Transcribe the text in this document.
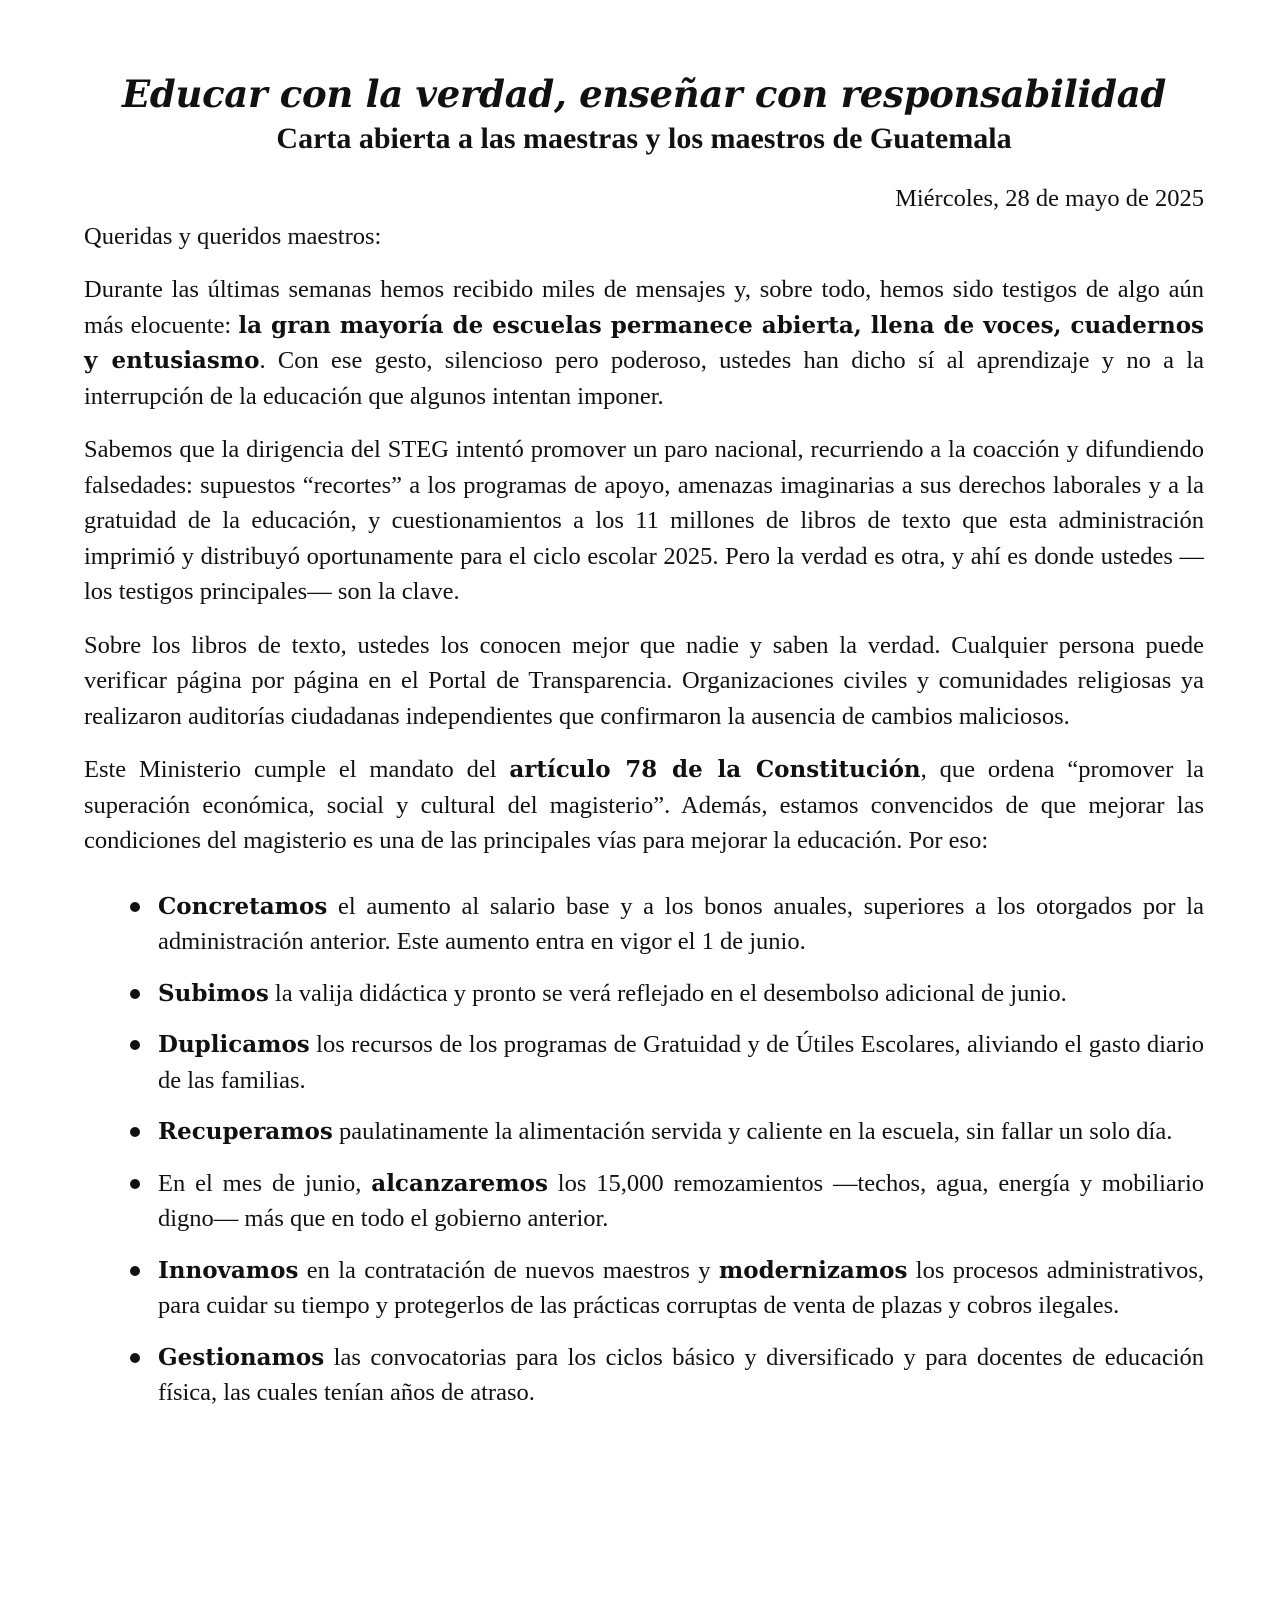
Educar con la verdad, enseñar con responsabilidad
Carta abierta a las maestras y los maestros de Guatemala
Miércoles, 28 de mayo de 2025
Queridas y queridos maestros:

Durante las últimas semanas hemos recibido miles de mensajes y, sobre todo, hemos sido testigos de algo aún más elocuente: la gran mayoría de escuelas permanece abierta, llena de voces, cuadernos y entusiasmo. Con ese gesto, silencioso pero poderoso, ustedes han dicho sí al aprendizaje y no a la interrupción de la educación que algunos intentan imponer.

Sabemos que la dirigencia del STEG intentó promover un paro nacional, recurriendo a la coacción y difundiendo falsedades: supuestos “recortes” a los programas de apoyo, amenazas imaginarias a sus derechos laborales y a la gratuidad de la educación, y cuestionamientos a los 11 millones de libros de texto que esta administración imprimió y distribuyó oportunamente para el ciclo escolar 2025. Pero la verdad es otra, y ahí es donde ustedes —los testigos principales— son la clave.

Sobre los libros de texto, ustedes los conocen mejor que nadie y saben la verdad. Cualquier persona puede verificar página por página en el Portal de Transparencia. Organizaciones civiles y comunidades religiosas ya realizaron auditorías ciudadanas independientes que confirmaron la ausencia de cambios maliciosos.

Este Ministerio cumple el mandato del artículo 78 de la Constitución, que ordena “promover la superación económica, social y cultural del magisterio”. Además, estamos convencidos de que mejorar las condiciones del magisterio es una de las principales vías para mejorar la educación. Por eso:

Concretamos el aumento al salario base y a los bonos anuales, superiores a los otorgados por la administración anterior. Este aumento entra en vigor el 1 de junio.
Subimos la valija didáctica y pronto se verá reflejado en el desembolso adicional de junio.
Duplicamos los recursos de los programas de Gratuidad y de Útiles Escolares, aliviando el gasto diario de las familias.
Recuperamos paulatinamente la alimentación servida y caliente en la escuela, sin fallar un solo día.
En el mes de junio, alcanzaremos los 15,000 remozamientos —techos, agua, energía y mobiliario digno— más que en todo el gobierno anterior.
Innovamos en la contratación de nuevos maestros y modernizamos los procesos administrativos, para cuidar su tiempo y protegerlos de las prácticas corruptas de venta de plazas y cobros ilegales.
Gestionamos las convocatorias para los ciclos básico y diversificado y para docentes de educación física, las cuales tenían años de atraso.
